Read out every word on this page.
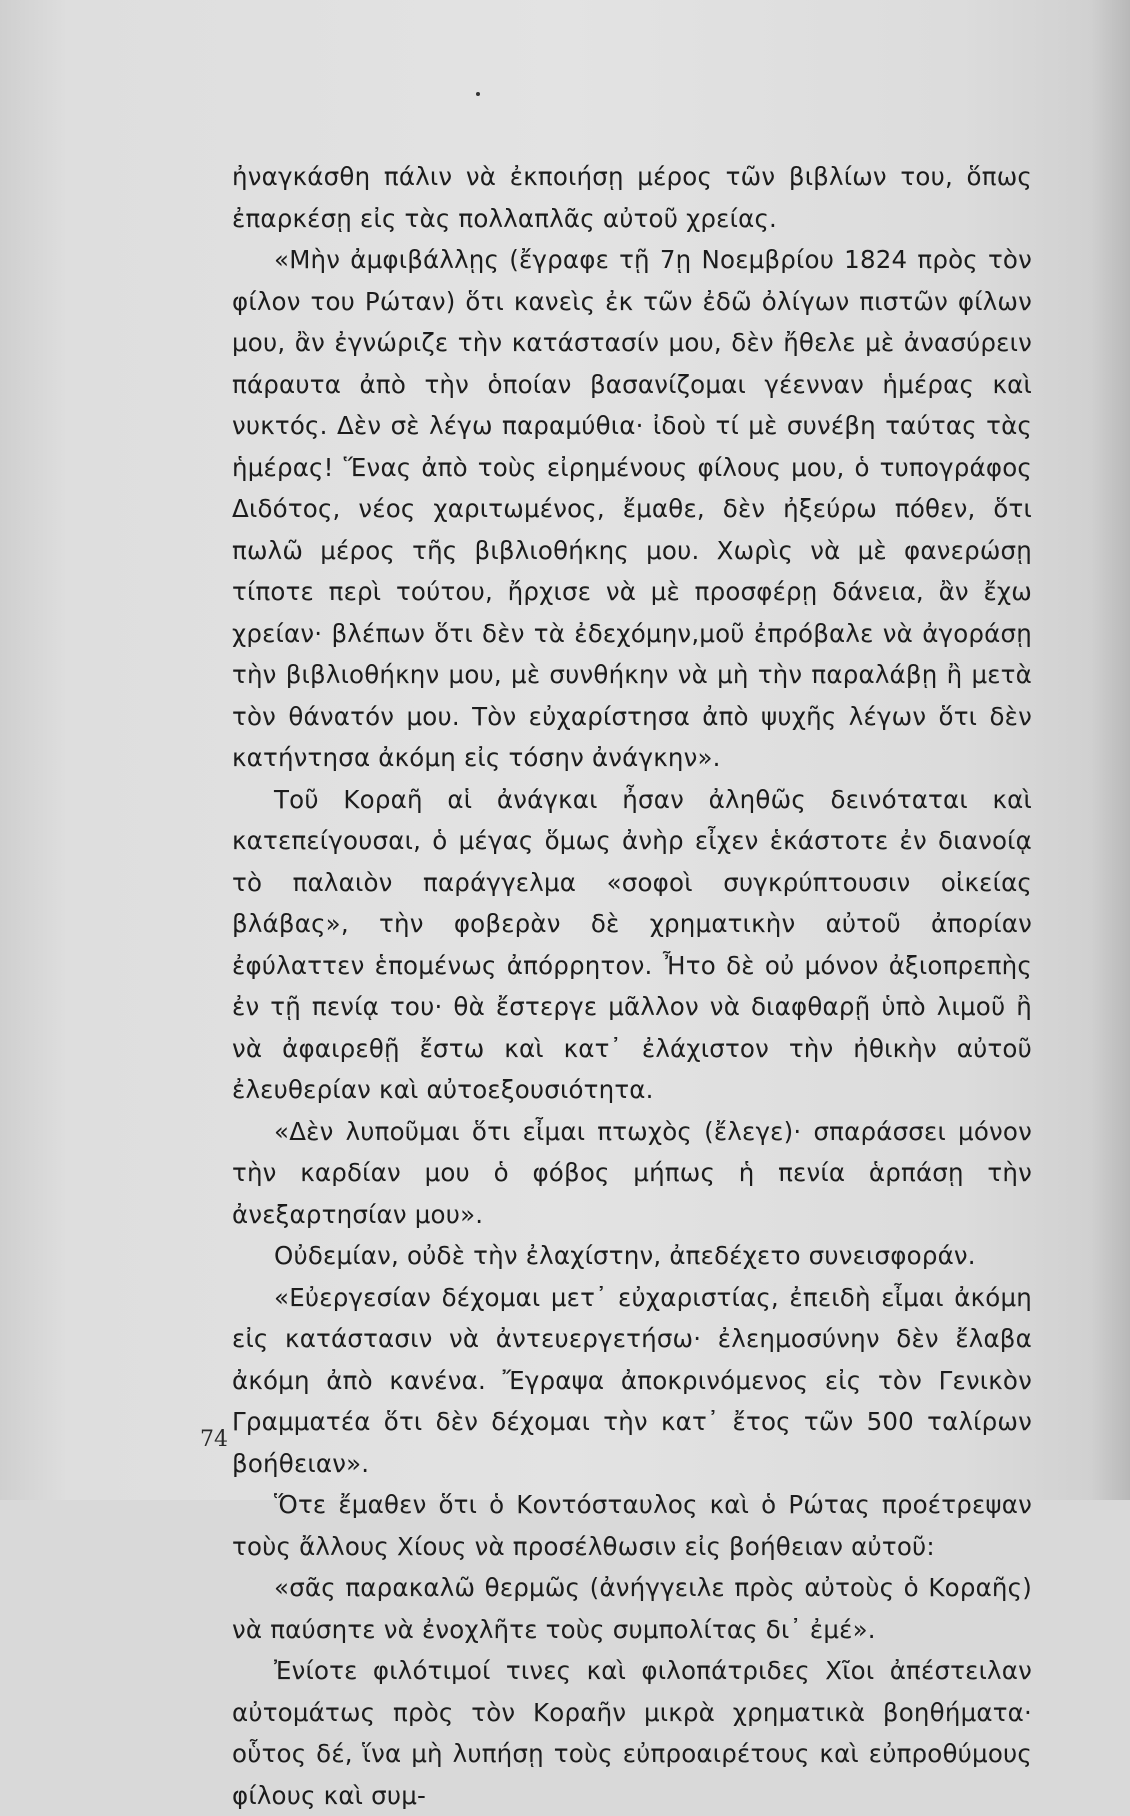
ἠναγκάσθη πάλιν νὰ ἐκποιήσῃ μέρος τῶν βιβλίων του, ὅπως ἐπαρκέσῃ εἰς τὰς πολλαπλᾶς αὐτοῦ χρείας.

«Μὴν ἀμφιβάλλῃς (ἔγραφε τῇ 7ῃ Νοεμβρίου 1824 πρὸς τὸν φίλον του Ρώταν) ὅτι κανεὶς ἐκ τῶν ἐδῶ ὀλίγων πιστῶν φίλων μου, ἂν ἐγνώριζε τὴν κατάστασίν μου, δὲν ἤθελε μὲ ἀνασύρειν πάραυτα ἀπὸ τὴν ὁποίαν βασανίζομαι γέενναν ἡμέρας καὶ νυκτός. Δὲν σὲ λέγω παραμύθια· ἰδοὺ τί μὲ συνέβη ταύτας τὰς ἡμέρας! Ἕνας ἀπὸ τοὺς εἰρημένους φίλους μου, ὁ τυπογράφος Διδότος, νέος χαριτωμένος, ἔμαθε, δὲν ἠξεύρω πόθεν, ὅτι πωλῶ μέρος τῆς βιβλιοθήκης μου. Χωρὶς νὰ μὲ φανερώσῃ τίποτε περὶ τούτου, ἤρχισε νὰ μὲ προσφέρῃ δάνεια, ἂν ἔχω χρείαν· βλέπων ὅτι δὲν τὰ ἐδεχόμην,μοῦ ἐπρόβαλε νὰ ἀγοράσῃ τὴν βιβλιοθήκην μου, μὲ συνθήκην νὰ μὴ τὴν παραλάβῃ ἢ μετὰ τὸν θάνατόν μου. Τὸν εὐχαρίστησα ἀπὸ ψυχῆς λέγων ὅτι δὲν κατήντησα ἀκόμη εἰς τόσην ἀνάγκην».

Τοῦ Κοραῆ αἱ ἀνάγκαι ἦσαν ἀληθῶς δεινόταται καὶ κατεπείγουσαι, ὁ μέγας ὅμως ἀνὴρ εἶχεν ἑκάστοτε ἐν διανοίᾳ τὸ παλαιὸν παράγγελμα «σοφοὶ συγκρύπτουσιν οἰκείας βλάβας», τὴν φοβερὰν δὲ χρηματικὴν αὐτοῦ ἀπορίαν ἐφύλαττεν ἑπομένως ἀπόρρητον. Ἦτο δὲ οὐ μόνον ἀξιοπρεπὴς ἐν τῇ πενίᾳ του· θὰ ἔστεργε μᾶλλον νὰ διαφθαρῇ ὑπὸ λιμοῦ ἢ νὰ ἀφαιρεθῇ ἔστω καὶ κατ᾽ ἐλάχιστον τὴν ἠθικὴν αὐτοῦ ἐλευθερίαν καὶ αὐτοεξουσιότητα.

«Δὲν λυποῦμαι ὅτι εἶμαι πτωχὸς (ἔλεγε)· σπαράσσει μόνον τὴν καρδίαν μου ὁ φόβος μήπως ἡ πενία ἁρπάσῃ τὴν ἀνεξαρτησίαν μου».

Οὐδεμίαν, οὐδὲ τὴν ἐλαχίστην, ἀπεδέχετο συνεισφοράν.

«Εὐεργεσίαν δέχομαι μετ᾽ εὐχαριστίας, ἐπειδὴ εἶμαι ἀκόμη εἰς κατάστασιν νὰ ἀντευεργετήσω· ἐλεημοσύνην δὲν ἔλαβα ἀκόμη ἀπὸ κανένα. Ἔγραψα ἀποκρινόμενος εἰς τὸν Γενικὸν Γραμματέα ὅτι δὲν δέχομαι τὴν κατ᾽ ἔτος τῶν 500 ταλίρων βοήθειαν».

Ὅτε ἔμαθεν ὅτι ὁ Κοντόσταυλος καὶ ὁ Ρώτας προέτρεψαν τοὺς ἄλλους Χίους νὰ προσέλθωσιν εἰς βοήθειαν αὐτοῦ:

«σᾶς παρακαλῶ θερμῶς (ἀνήγγειλε πρὸς αὐτοὺς ὁ Κοραῆς) νὰ παύσητε νὰ ἐνοχλῆτε τοὺς συμπολίτας δι᾽ ἐμέ».

Ἐνίοτε φιλότιμοί τινες καὶ φιλοπάτριδες Χῖοι ἀπέστειλαν αὐτομάτως πρὸς τὸν Κοραῆν μικρὰ χρηματικὰ βοηθήματα· οὗτος δέ, ἵνα μὴ λυπήσῃ τοὺς εὐπροαιρέτους καὶ εὐπροθύμους φίλους καὶ συμ-

74
